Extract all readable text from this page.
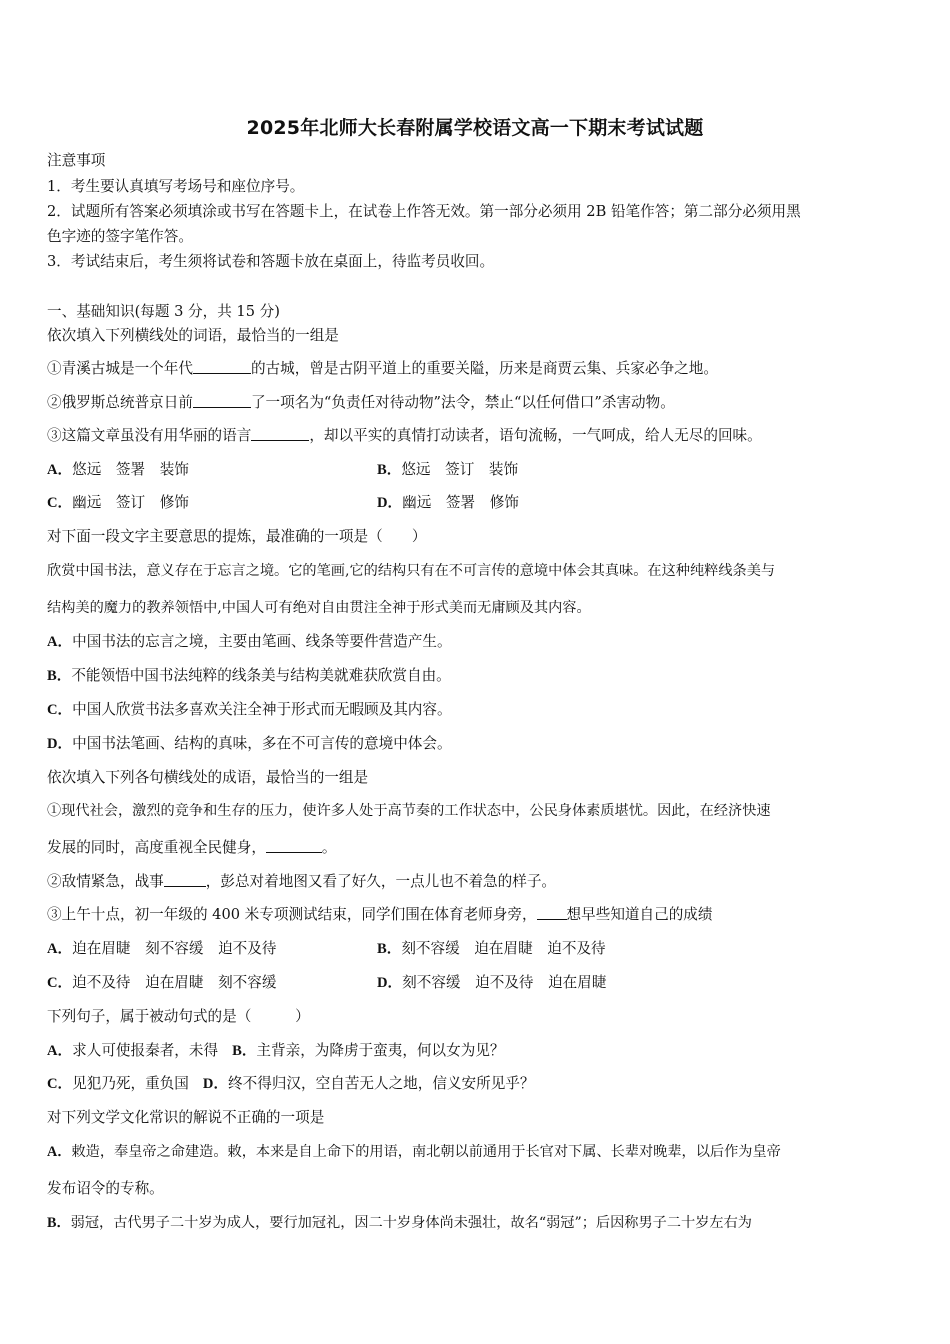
2025年北师大长春附属学校语文高一下期末考试试题
注意事项
1．考生要认真填写考场号和座位序号。
2．试题所有答案必须填涂或书写在答题卡上，在试卷上作答无效。第一部分必须用 2B 铅笔作答；第二部分必须用黑
色字迹的签字笔作答。
3．考试结束后，考生须将试卷和答题卡放在桌面上，待监考员收回。
一、基础知识(每题 3 分，共 15 分)
依次填入下列横线处的词语，最恰当的一组是
①青溪古城是一个年代	的古城，曾是古阴平道上的重要关隘，历来是商贾云集、兵家必争之地。
②俄罗斯总统普京日前	了一项名为“负责任对待动物”法令，禁止“以任何借口”杀害动物。
③这篇文章虽没有用华丽的语言	，却以平实的真情打动读者，语句流畅，一气呵成，给人无尽的回味。
A．悠远　签署　装饰	B．悠远　签订　装饰
C．幽远　签订　修饰	D．幽远　签署　修饰
对下面一段文字主要意思的提炼，最准确的一项是（　　）
欣赏中国书法，意义存在于忘言之境。它的笔画,它的结构只有在不可言传的意境中体会其真味。在这种纯粹线条美与
结构美的魔力的教养领悟中,中国人可有绝对自由贯注全神于形式美而无庸顾及其内容。
A．中国书法的忘言之境，主要由笔画、线条等要件营造产生。
B．不能领悟中国书法纯粹的线条美与结构美就难获欣赏自由。
C．中国人欣赏书法多喜欢关注全神于形式而无暇顾及其内容。
D．中国书法笔画、结构的真味，多在不可言传的意境中体会。
依次填入下列各句横线处的成语，最恰当的一组是
①现代社会，激烈的竞争和生存的压力，使许多人处于高节奏的工作状态中，公民身体素质堪忧。因此，在经济快速
发展的同时，高度重视全民健身，	。
②敌情紧急，战事	，彭总对着地图又看了好久，一点儿也不着急的样子。
③上午十点，初一年级的 400 米专项测试结束，同学们围在体育老师身旁， 想早些知道自己的成绩
A．迫在眉睫　刻不容缓　迫不及待	B．刻不容缓　迫在眉睫　迫不及待
C．迫不及待　迫在眉睫　刻不容缓	D．刻不容缓　迫不及待　迫在眉睫
下列句子，属于被动句式的是（　　　）
A．求人可使报秦者，未得 B．主背亲，为降虏于蛮夷，何以女为见？
C．见犯乃死，重负国 D．终不得归汉，空自苦无人之地，信义安所见乎？
对下列文学文化常识的解说不正确的一项是
A．敕造，奉皇帝之命建造。敕，本来是自上命下的用语，南北朝以前通用于长官对下属、长辈对晚辈，以后作为皇帝
发布诏令的专称。
B．弱冠，古代男子二十岁为成人，要行加冠礼，因二十岁身体尚未强壮，故名“弱冠”；后因称男子二十岁左右为
